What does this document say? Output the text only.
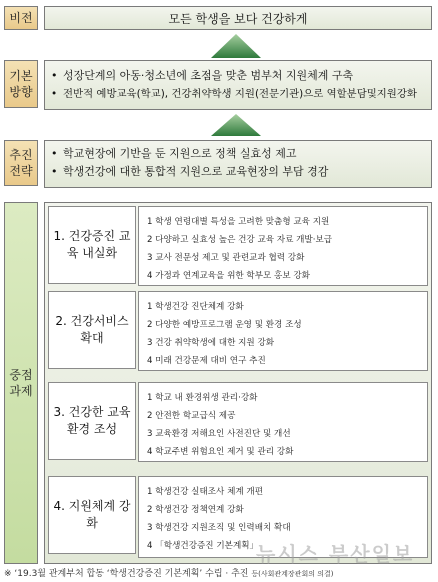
비전	모든 학생을 보다 건강하게
기본
방향
• 성장단계의 아동·청소년에 초점을 맞춘 범부처 지원체계 구축
• 전반적 예방교육(학교), 건강취약학생 지원(전문기관)으로 역할분담및지원강화
추진
전략
• 학교현장에 기반을 둔 지원으로 정책 실효성 제고
• 학생건강에 대한 통합적 지원으로 교육현장의 부담 경감
중점
과제
1. 건강증진 교
육 내실화
1 학생 연령대별 특성을 고려한 맞춤형 교육 지원
2 다양하고 실효성 높은 건강 교육 자료 개발·보급
3 교사 전문성 제고 및 관련교과 협력 강화
4 가정과 연계교육을 위한 학부모 홍보 강화
2. 건강서비스
확대
1 학생건강 진단체계 강화
2 다양한 예방프로그램 운영 및 환경 조성
3 건강 취약학생에 대한 지원 강화
4 미래 건강문제 대비 연구 추진
3. 건강한 교육
환경 조성
1 학교 내 환경위생 관리·강화
2 안전한 학교급식 제공
3 교육환경 저해요인 사전진단 및 개선
4 학교주변 위험요인 제거 및 관리 강화
4. 지원체계 강화
1 학생건강 실태조사 체계 개편
2 학생건강 정책연계 강화
3 학생건강 지원조직 및 인력배치 확대
4 「학생건강증진 기본계획」
뉴시스 부산일보
※ ‘19.3월 관계부처 합동 ‘학생건강증진 기본계획’ 수립 · 추진 등(사회관계장관회의 의결)
